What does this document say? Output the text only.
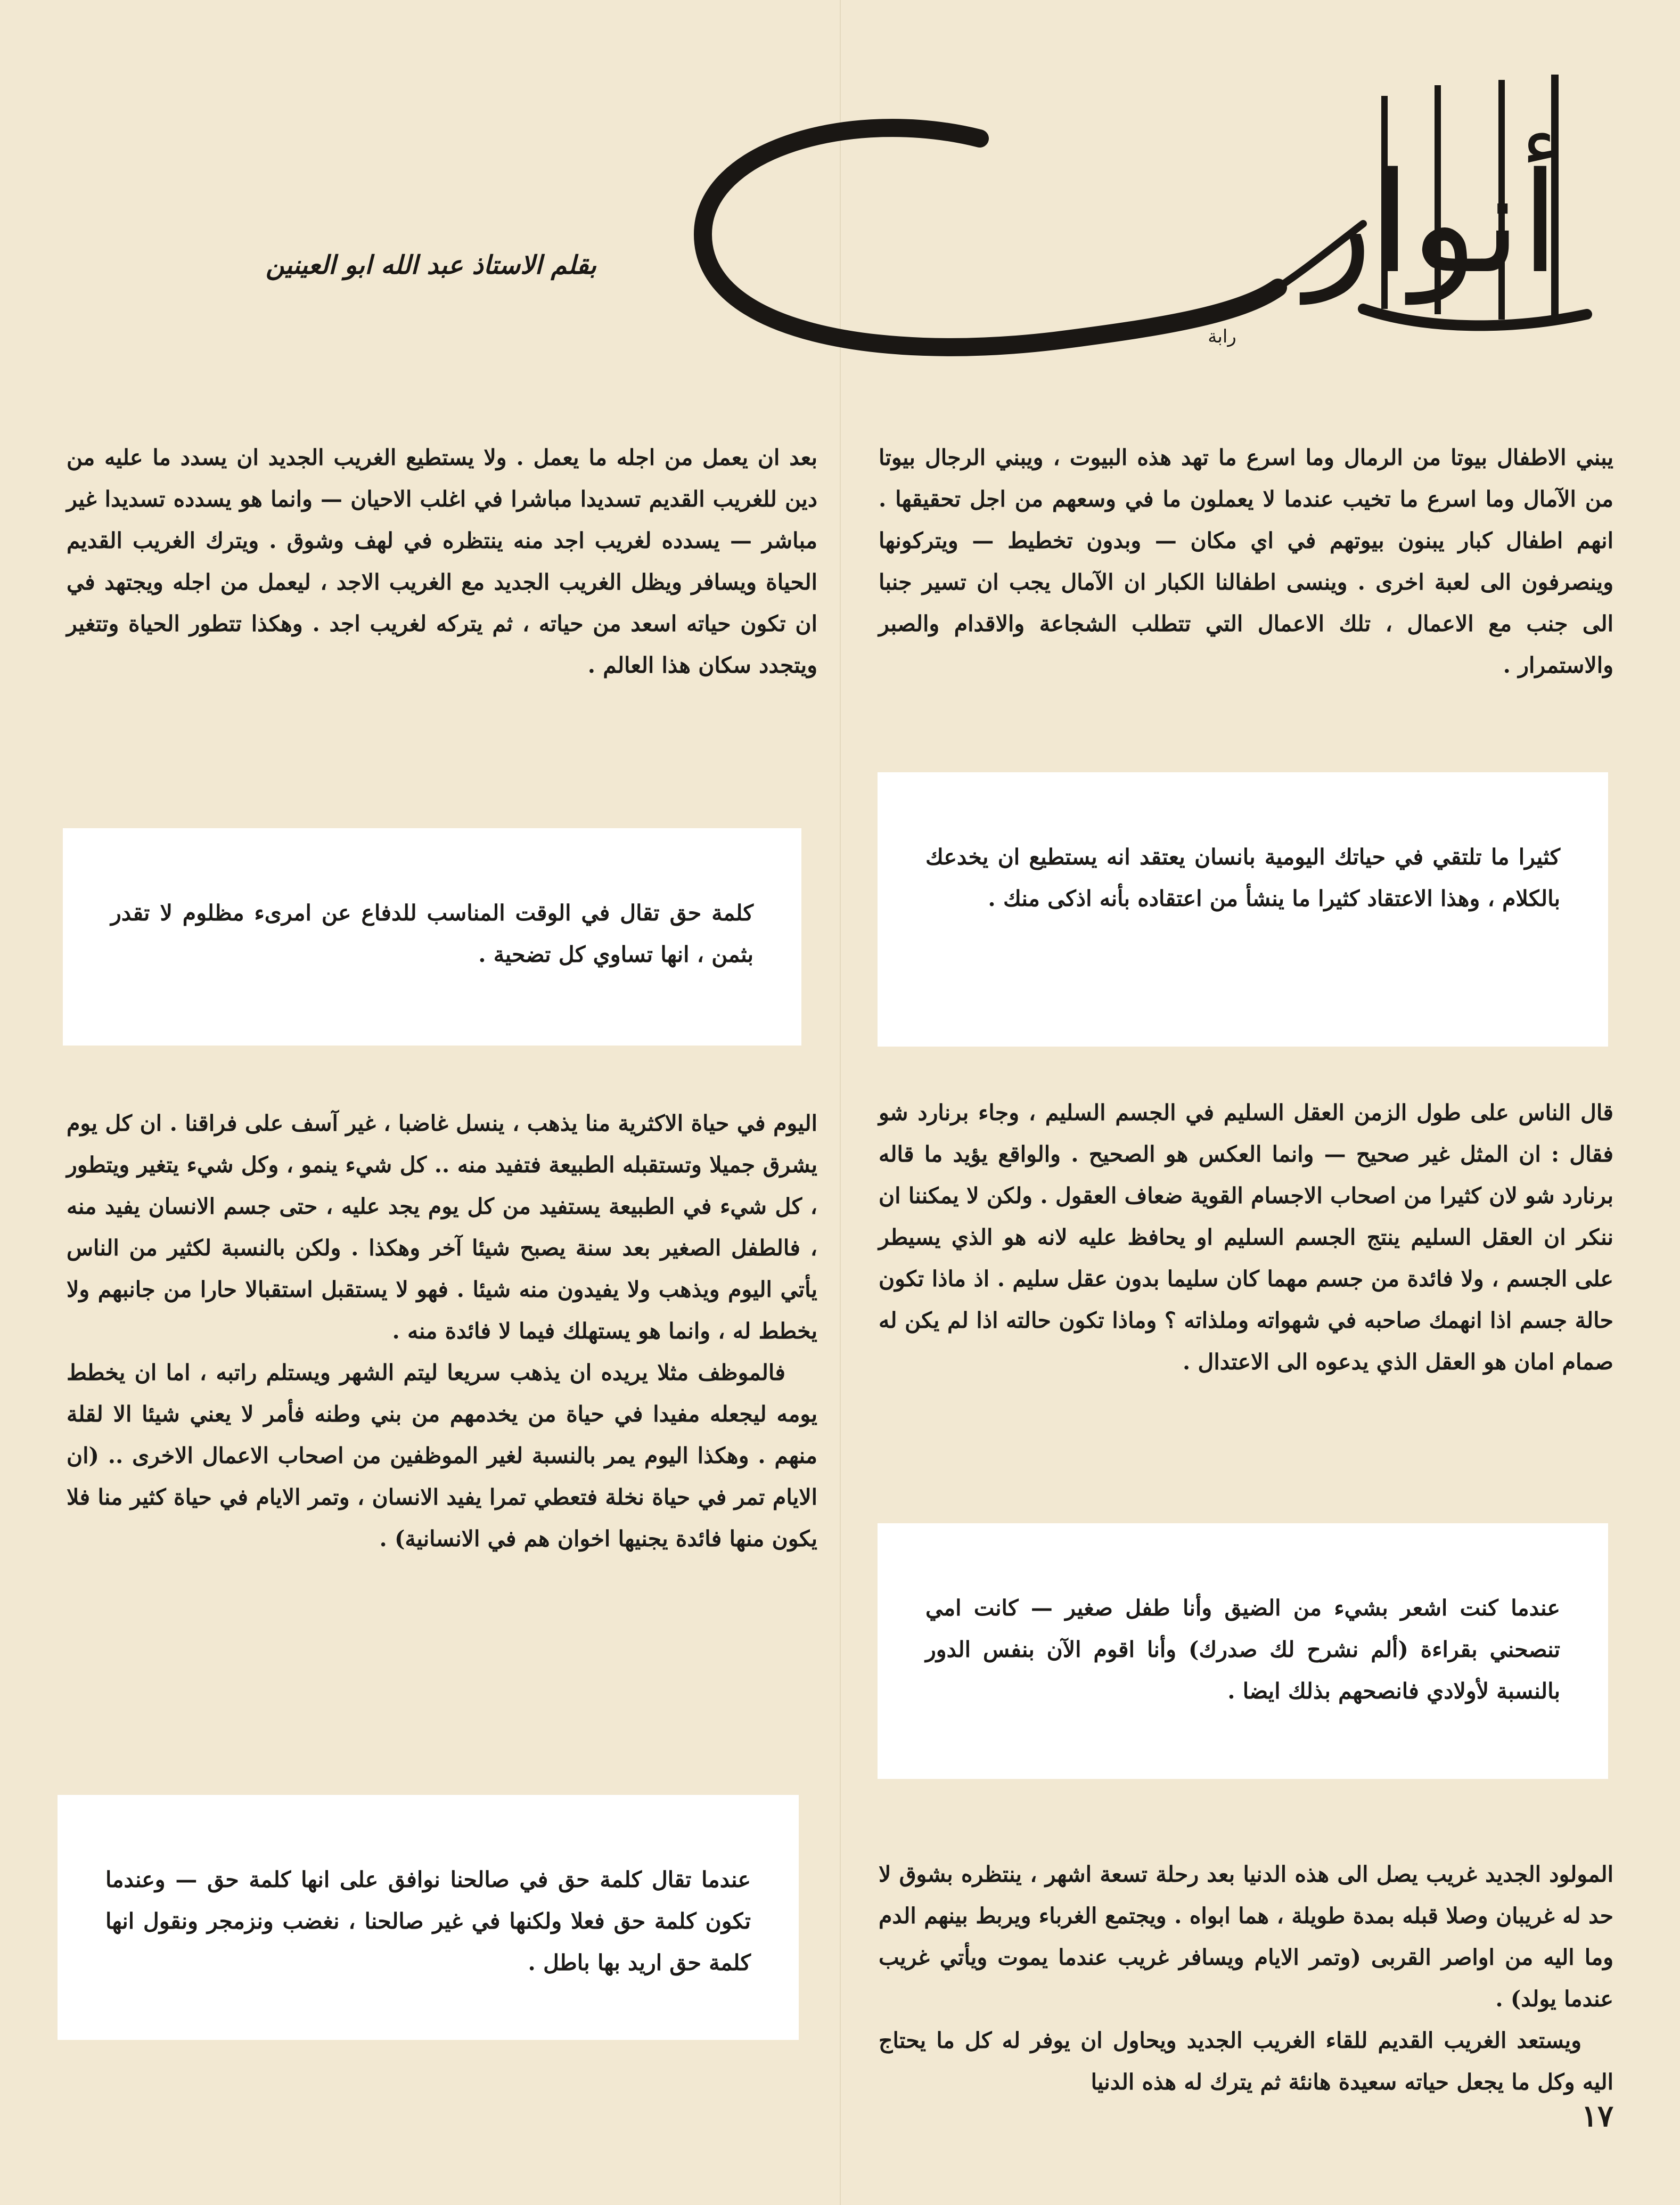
أنوار
رابة
بقلم الاستاذ عبد الله ابو العينين

يبني الاطفال بيوتا من الرمال وما اسرع ما تهد هذه البيوت ، ويبني الرجال بيوتا من الآمال وما اسرع ما تخيب عندما لا يعملون ما في وسعهم من اجل تحقيقها . انهم اطفال كبار يبنون بيوتهم في اي مكان — وبدون تخطيط — ويتركونها وينصرفون الى لعبة اخرى . وينسى اطفالنا الكبار ان الآمال يجب ان تسير جنبا الى جنب مع الاعمال ، تلك الاعمال التي تتطلب الشجاعة والاقدام والصبر والاستمرار .

كثيرا ما تلتقي في حياتك اليومية بانسان يعتقد انه يستطيع ان يخدعك بالكلام ، وهذا الاعتقاد كثيرا ما ينشأ من اعتقاده بأنه اذكى منك .

قال الناس على طول الزمن العقل السليم في الجسم السليم ، وجاء برنارد شو فقال : ان المثل غير صحيح — وانما العكس هو الصحيح . والواقع يؤيد ما قاله برنارد شو لان كثيرا من اصحاب الاجسام القوية ضعاف العقول . ولكن لا يمكننا ان ننكر ان العقل السليم ينتج الجسم السليم او يحافظ عليه لانه هو الذي يسيطر على الجسم ، ولا فائدة من جسم مهما كان سليما بدون عقل سليم . اذ ماذا تكون حالة جسم اذا انهمك صاحبه في شهواته وملذاته ؟ وماذا تكون حالته اذا لم يكن له صمام امان هو العقل الذي يدعوه الى الاعتدال .

عندما كنت اشعر بشيء من الضيق وأنا طفل صغير — كانت امي تنصحني بقراءة (ألم نشرح لك صدرك) وأنا اقوم الآن بنفس الدور بالنسبة لأولادي فانصحهم بذلك ايضا .

المولود الجديد غريب يصل الى هذه الدنيا بعد رحلة تسعة اشهر ، ينتظره بشوق لا حد له غريبان وصلا قبله بمدة طويلة ، هما ابواه . ويجتمع الغرباء ويربط بينهم الدم وما اليه من اواصر القربى (وتمر الايام ويسافر غريب عندما يموت ويأتي غريب عندما يولد) .

ويستعد الغريب القديم للقاء الغريب الجديد ويحاول ان يوفر له كل ما يحتاج اليه وكل ما يجعل حياته سعيدة هانئة ثم يترك له هذه الدنيا

بعد ان يعمل من اجله ما يعمل . ولا يستطيع الغريب الجديد ان يسدد ما عليه من دين للغريب القديم تسديدا مباشرا في اغلب الاحيان — وانما هو يسدده تسديدا غير مباشر — يسدده لغريب اجد منه ينتظره في لهف وشوق . ويترك الغريب القديم الحياة ويسافر ويظل الغريب الجديد مع الغريب الاجد ، ليعمل من اجله ويجتهد في ان تكون حياته اسعد من حياته ، ثم يتركه لغريب اجد . وهكذا تتطور الحياة وتتغير ويتجدد سكان هذا العالم .

كلمة حق تقال في الوقت المناسب للدفاع عن امرىء مظلوم لا تقدر بثمن ، انها تساوي كل تضحية .

اليوم في حياة الاكثرية منا يذهب ، ينسل غاضبا ، غير آسف على فراقنا . ان كل يوم يشرق جميلا وتستقبله الطبيعة فتفيد منه .. كل شيء ينمو ، وكل شيء يتغير ويتطور ، كل شيء في الطبيعة يستفيد من كل يوم يجد عليه ، حتى جسم الانسان يفيد منه ، فالطفل الصغير بعد سنة يصبح شيئا آخر وهكذا . ولكن بالنسبة لكثير من الناس يأتي اليوم ويذهب ولا يفيدون منه شيئا . فهو لا يستقبل استقبالا حارا من جانبهم ولا يخطط له ، وانما هو يستهلك فيما لا فائدة منه .

فالموظف مثلا يريده ان يذهب سريعا ليتم الشهر ويستلم راتبه ، اما ان يخطط يومه ليجعله مفيدا في حياة من يخدمهم من بني وطنه فأمر لا يعني شيئا الا لقلة منهم . وهكذا اليوم يمر بالنسبة لغير الموظفين من اصحاب الاعمال الاخرى .. (ان الايام تمر في حياة نخلة فتعطي تمرا يفيد الانسان ، وتمر الايام في حياة كثير منا فلا يكون منها فائدة يجنيها اخوان هم في الانسانية) .

عندما تقال كلمة حق في صالحنا نوافق على انها كلمة حق — وعندما تكون كلمة حق فعلا ولكنها في غير صالحنا ، نغضب ونزمجر ونقول انها كلمة حق اريد بها باطل .
١٧
